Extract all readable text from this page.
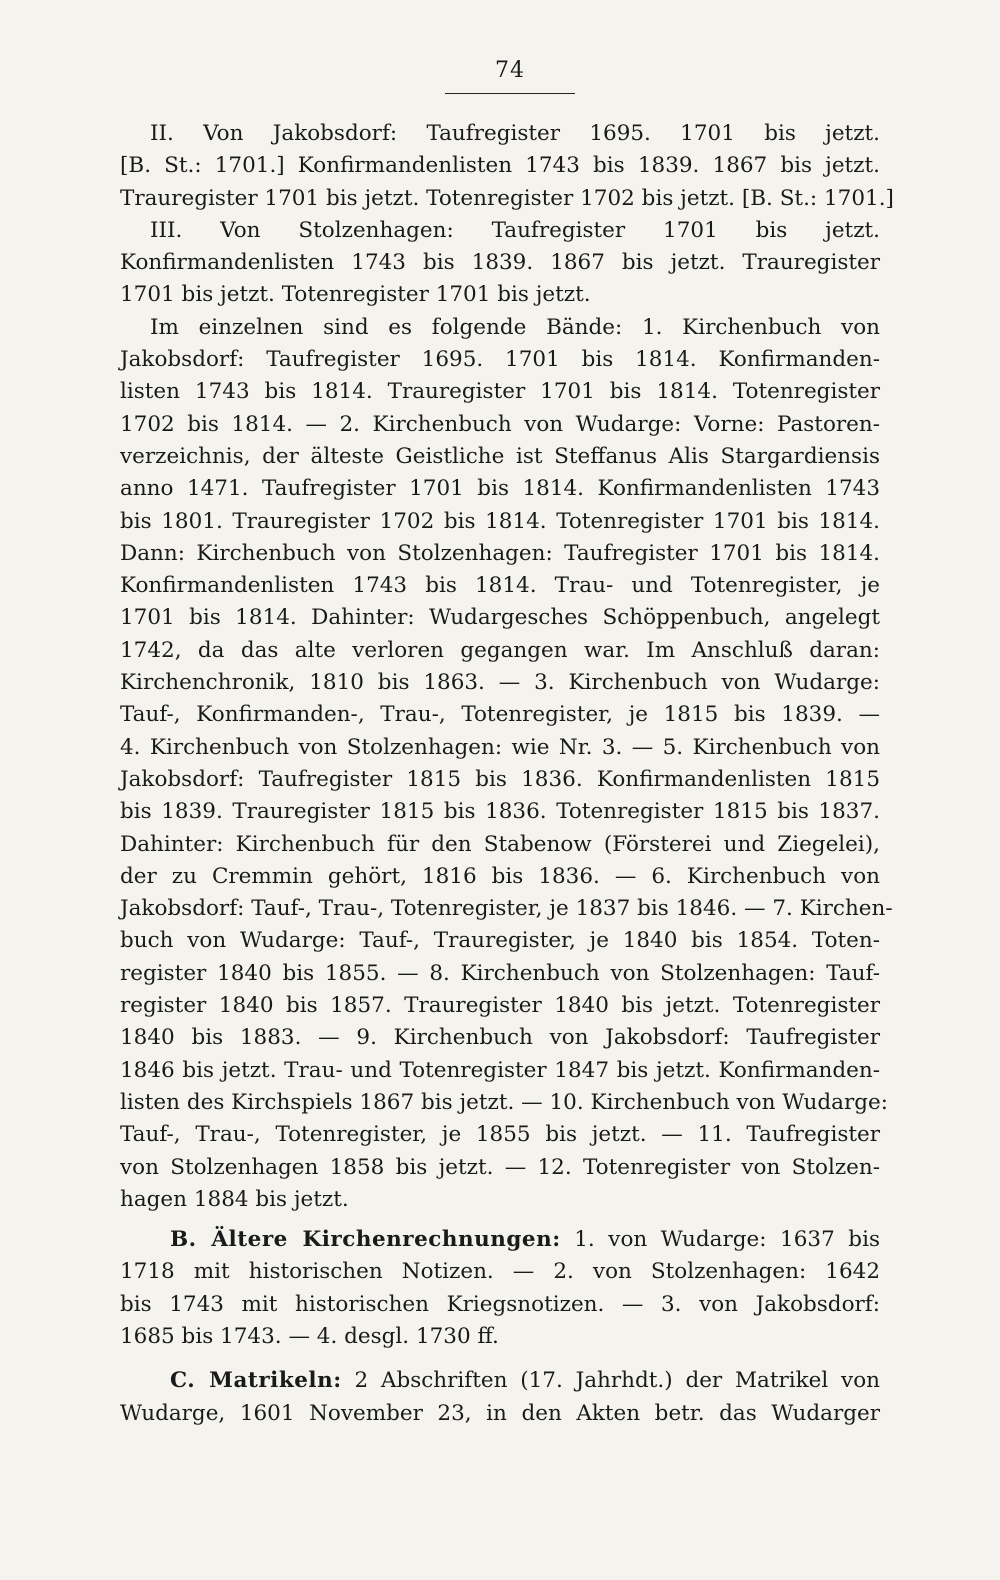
74
II. Von Jakobsdorf: Taufregister 1695. 1701 bis jetzt.
[B. St.: 1701.] Konfirmandenlisten 1743 bis 1839. 1867 bis jetzt.
Trauregister 1701 bis jetzt. Totenregister 1702 bis jetzt. [B. St.: 1701.]
III. Von Stolzenhagen: Taufregister 1701 bis jetzt.
Konfirmandenlisten 1743 bis 1839. 1867 bis jetzt. Trauregister
1701 bis jetzt. Totenregister 1701 bis jetzt.
Im einzelnen sind es folgende Bände: 1. Kirchenbuch von
Jakobsdorf: Taufregister 1695. 1701 bis 1814. Konfirmanden-
listen 1743 bis 1814. Trauregister 1701 bis 1814. Totenregister
1702 bis 1814. — 2. Kirchenbuch von Wudarge: Vorne: Pastoren-
verzeichnis, der älteste Geistliche ist Steffanus Alis Stargardiensis
anno 1471. Taufregister 1701 bis 1814. Konfirmandenlisten 1743
bis 1801. Trauregister 1702 bis 1814. Totenregister 1701 bis 1814.
Dann: Kirchenbuch von Stolzenhagen: Taufregister 1701 bis 1814.
Konfirmandenlisten 1743 bis 1814. Trau- und Totenregister, je
1701 bis 1814. Dahinter: Wudargesches Schöppenbuch, angelegt
1742, da das alte verloren gegangen war. Im Anschluß daran:
Kirchenchronik, 1810 bis 1863. — 3. Kirchenbuch von Wudarge:
Tauf-, Konfirmanden-, Trau-, Totenregister, je 1815 bis 1839. —
4. Kirchenbuch von Stolzenhagen: wie Nr. 3. — 5. Kirchenbuch von
Jakobsdorf: Taufregister 1815 bis 1836. Konfirmandenlisten 1815
bis 1839. Trauregister 1815 bis 1836. Totenregister 1815 bis 1837.
Dahinter: Kirchenbuch für den Stabenow (Försterei und Ziegelei),
der zu Cremmin gehört, 1816 bis 1836. — 6. Kirchenbuch von
Jakobsdorf: Tauf-, Trau-, Totenregister, je 1837 bis 1846. — 7. Kirchen-
buch von Wudarge: Tauf-, Trauregister, je 1840 bis 1854. Toten-
register 1840 bis 1855. — 8. Kirchenbuch von Stolzenhagen: Tauf-
register 1840 bis 1857. Trauregister 1840 bis jetzt. Totenregister
1840 bis 1883. — 9. Kirchenbuch von Jakobsdorf: Taufregister
1846 bis jetzt. Trau- und Totenregister 1847 bis jetzt. Konfirmanden-
listen des Kirchspiels 1867 bis jetzt. — 10. Kirchenbuch von Wudarge:
Tauf-, Trau-, Totenregister, je 1855 bis jetzt. — 11. Taufregister
von Stolzenhagen 1858 bis jetzt. — 12. Totenregister von Stolzen-
hagen 1884 bis jetzt.
B. Ältere Kirchenrechnungen: 1. von Wudarge: 1637 bis
1718 mit historischen Notizen. — 2. von Stolzenhagen: 1642
bis 1743 mit historischen Kriegsnotizen. — 3. von Jakobsdorf:
1685 bis 1743. — 4. desgl. 1730 ff.
C. Matrikeln: 2 Abschriften (17. Jahrhdt.) der Matrikel von
Wudarge, 1601 November 23, in den Akten betr. das Wudarger
